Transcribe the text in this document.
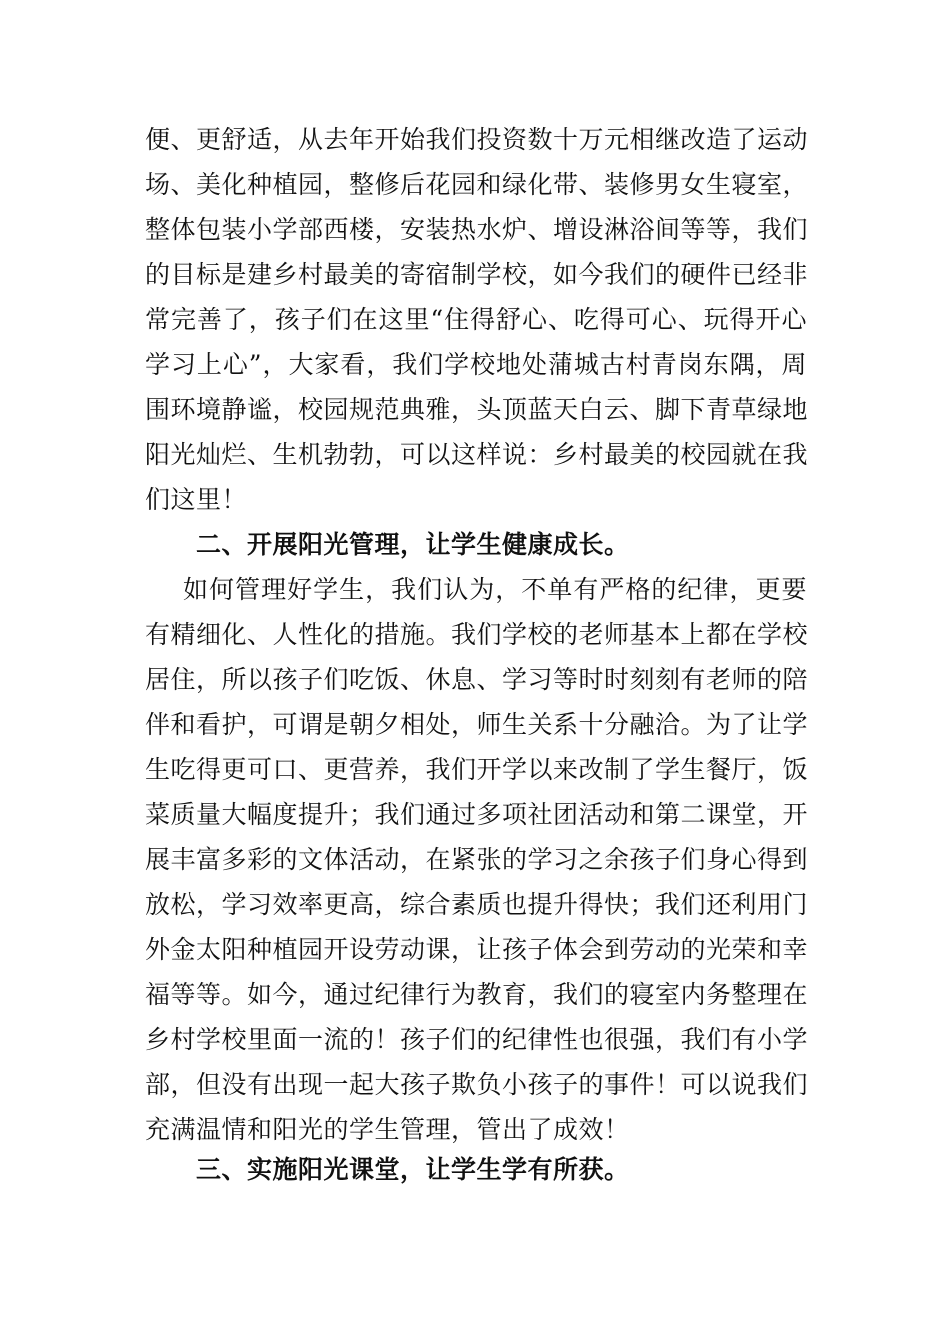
便、更舒适，从去年开始我们投资数十万元相继改造了运动
场、美化种植园，整修后花园和绿化带、装修男女生寝室，
整体包装小学部西楼，安装热水炉、增设淋浴间等等，我们
的目标是建乡村最美的寄宿制学校，如今我们的硬件已经非
常完善了，孩子们在这里“住得舒心、吃得可心、玩得开心
学习上心”，大家看，我们学校地处蒲城古村青岗东隅，周
围环境静谧，校园规范典雅，头顶蓝天白云、脚下青草绿地
阳光灿烂、生机勃勃，可以这样说：乡村最美的校园就在我
们这里！
二、开展阳光管理，让学生健康成长。
如何管理好学生，我们认为，不单有严格的纪律，更要
有精细化、人性化的措施。我们学校的老师基本上都在学校
居住，所以孩子们吃饭、休息、学习等时时刻刻有老师的陪
伴和看护，可谓是朝夕相处，师生关系十分融洽。为了让学
生吃得更可口、更营养，我们开学以来改制了学生餐厅，饭
菜质量大幅度提升；我们通过多项社团活动和第二课堂，开
展丰富多彩的文体活动，在紧张的学习之余孩子们身心得到
放松，学习效率更高，综合素质也提升得快；我们还利用门
外金太阳种植园开设劳动课，让孩子体会到劳动的光荣和幸
福等等。如今，通过纪律行为教育，我们的寝室内务整理在
乡村学校里面一流的！孩子们的纪律性也很强，我们有小学
部，但没有出现一起大孩子欺负小孩子的事件！可以说我们
充满温情和阳光的学生管理，管出了成效！
三、实施阳光课堂，让学生学有所获。
